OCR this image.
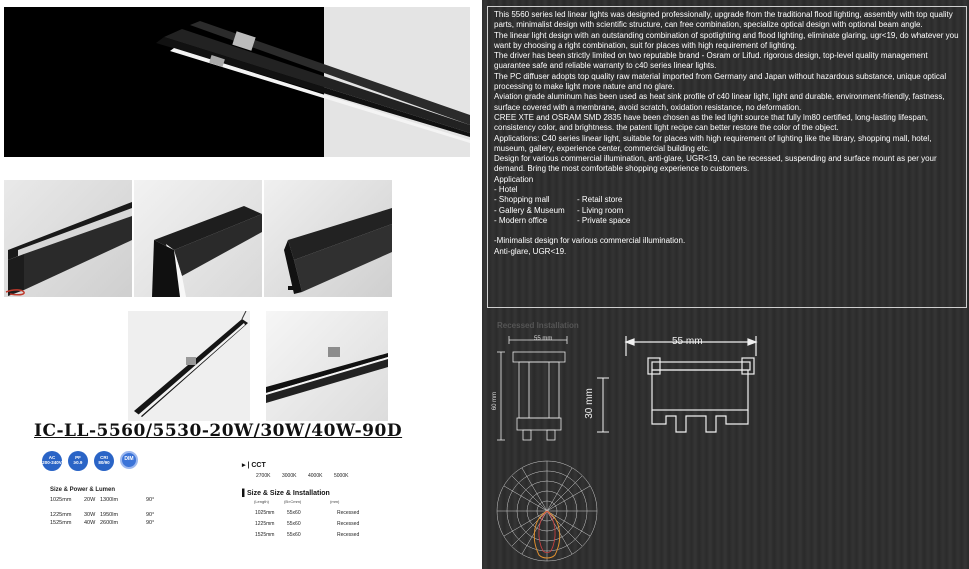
IC-LL-5560/5530-20W/30W/40W-90D
AC
200-240V
PF
≥0.9
CRI
80/90
DIM
Size & Power & Lumen
1025mm 20W 1300lm	90°
1225mm 30W 1950lm	90°
1525mm 40W 2600lm	90°
▸ | CCT
2700K 3000K 4000K 5000K
▌Size & Size & Installation
(Length)	(B×Cmm)	(mm)
1025mm	55x60	Recessed
1225mm	55x60	Recessed
1525mm	55x60	Recessed

This 5560 series led linear lights was designed professionally, upgrade from the traditional flood lighting, assembly with top quality parts, minimalist design with scientific structure, can free combination, specialize optical design with optional beam angle.

The linear light design with an outstanding combination of spotlighting and flood lighting, eliminate glaring, ugr<19, do whatever you want by choosing a right combination, suit for places with high requirement of lighting.

The driver has been strictly limited on two reputable brand - Osram or Lifud. rigorous design, top-level quality management guarantee safe and reliable warranty to c40 series linear lights.

The PC diffuser adopts top quality raw material imported from Germany and Japan without hazardous substance, unique optical processing to make light more nature and no glare.

Aviation grade aluminum has been used as heat sink profile of c40 linear light, light and durable, environment-friendly, fastness, surface covered with a membrane, avoid scratch, oxidation resistance, no deformation.

CREE XTE and OSRAM SMD 2835 have been chosen as the led light source that fully lm80 certified, long-lasting lifespan, consistency color, and brightness. the patent light recipe can better restore the color of the object.

Applications: C40 series linear light, suitable for places with high requirement of lighting like the library, shopping mall, hotel, museum, gallery, experience center, commercial building etc.

Design for various commercial illumination, anti-glare, UGR<19, can be recessed, suspending and surface mount as per your demand. Bring the most comfortable shopping experience to customers.

Application

- Hotel
- Shopping mall	- Retail store
- Gallery & Museum	- Living room
- Modern office	- Private space

-Minimalist design for various commercial illumination.

Anti-glare, UGR<19.

Recessed Installation
55 mm
60 mm
55 mm
30 mm
